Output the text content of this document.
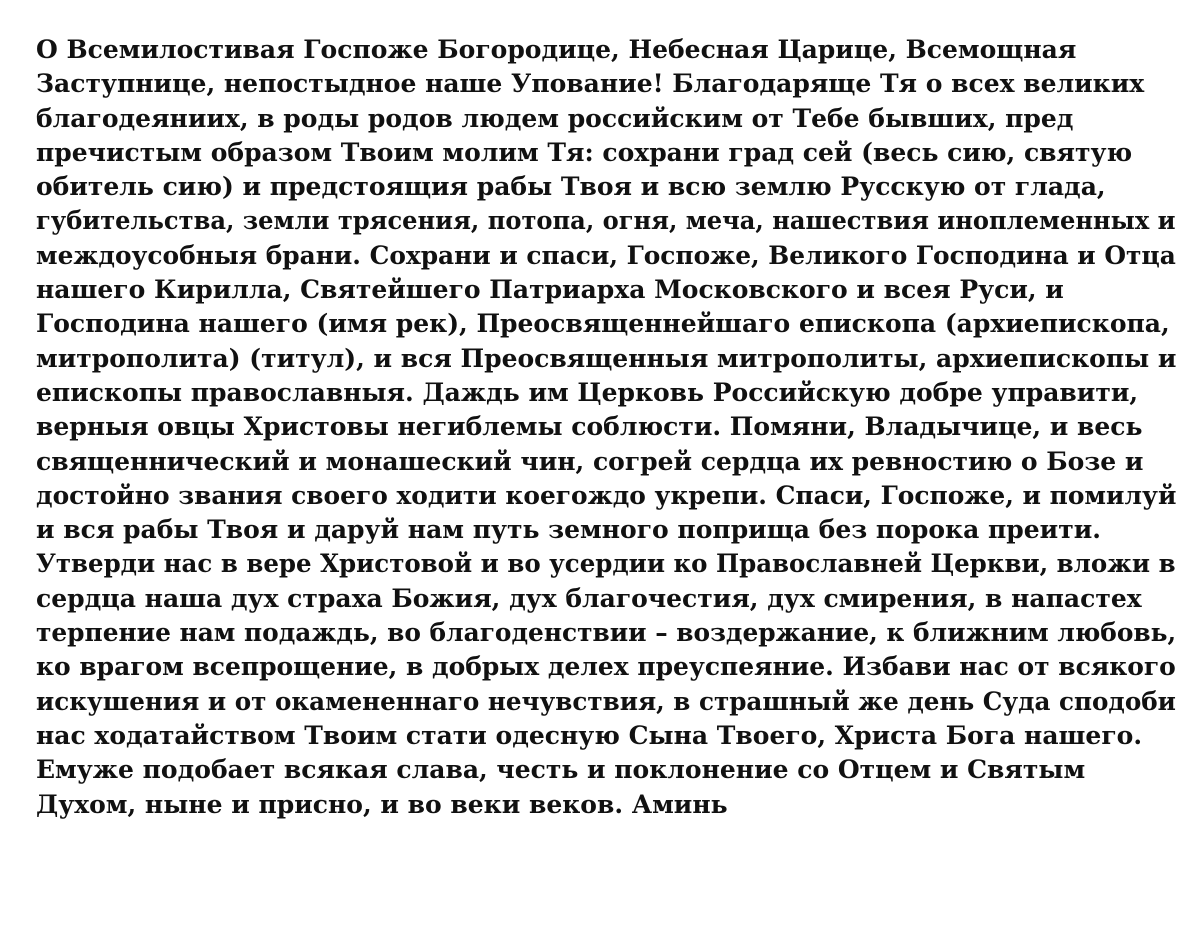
О Всемилостивая Госпоже Богородице, Небесная Царице, Всемощная
Заступнице, непостыдное наше Упование! Благодаряще Тя о всех великих
благодеяниих, в роды родов людем российским от Тебе бывших, пред
пречистым образом Твоим молим Тя: сохрани град сей (весь сию, святую
обитель сию) и предстоящия рабы Твоя и всю землю Русскую от глада,
губительства, земли трясения, потопа, огня, меча, нашествия иноплеменных и
междоусобныя брани. Сохрани и спаси, Госпоже, Великого Господина и Отца
нашего Кирилла, Святейшего Патриарха Московского и всея Руси, и
Господина нашего (имя рек), Преосвященнейшаго епископа (архиепископа,
митрополита) (титул), и вся Преосвященныя митрополиты, архиепископы и
епископы православныя. Даждь им Церковь Российскую добре управити,
верныя овцы Христовы негиблемы соблюсти. Помяни, Владычице, и весь
священнический и монашеский чин, согрей сердца их ревностию о Бозе и
достойно звания своего ходити коегождо укрепи. Спаси, Госпоже, и помилуй
и вся рабы Твоя и даруй нам путь земного поприща без порока преити.
Утверди нас в вере Христовой и во усердии ко Православней Церкви, вложи в
сердца наша дух страха Божия, дух благочестия, дух смирения, в напастех
терпение нам подаждь, во благоденствии – воздержание, к ближним любовь,
ко врагом всепрощение, в добрых делех преуспеяние. Избави нас от всякого
искушения и от окамененнаго нечувствия, в страшный же день Суда сподоби
нас ходатайством Твоим стати одесную Сына Твоего, Христа Бога нашего.
Емуже подобает всякая слава, честь и поклонение со Отцем и Святым
Духом, ныне и присно, и во веки веков. Аминь
